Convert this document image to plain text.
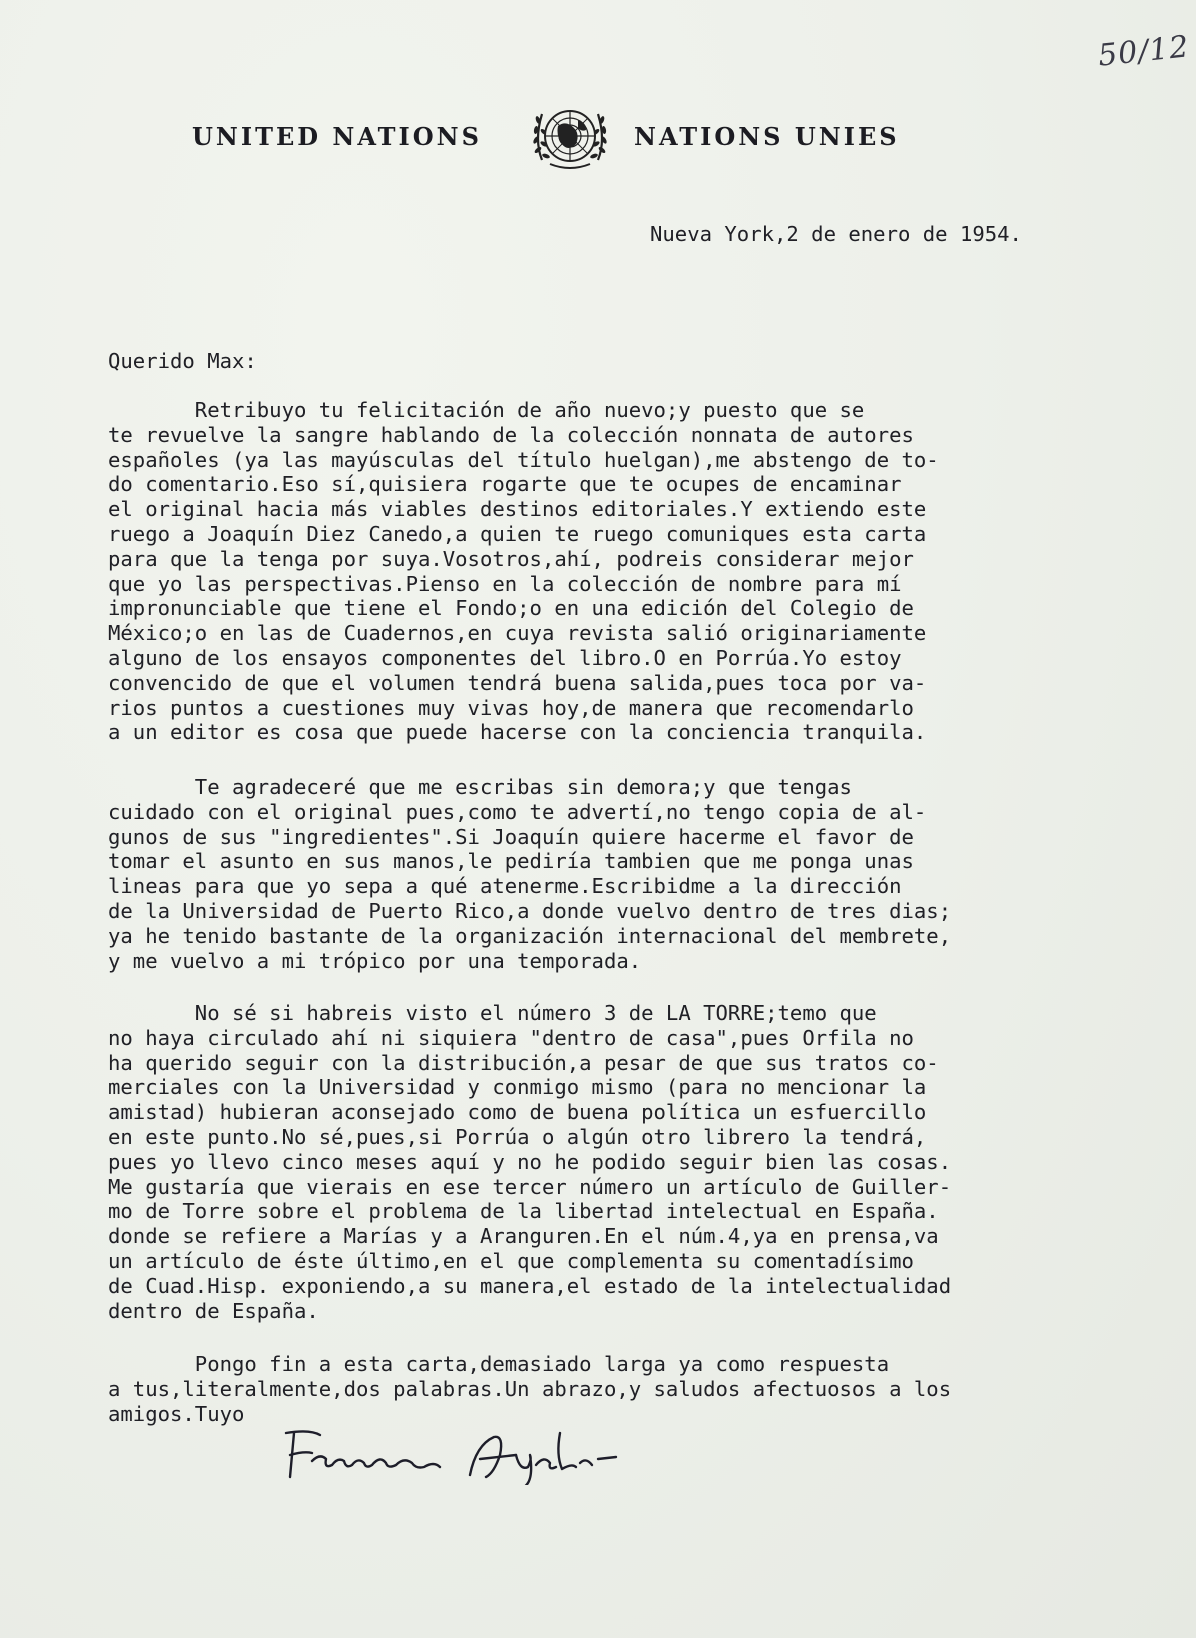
50/12
UNITED NATIONS	NATIONS UNIES
Nueva York,2 de enero de 1954.
Querido Max:
Retribuyo tu felicitación de año nuevo;y puesto que se
te revuelve la sangre hablando de la colección nonnata de autores
españoles (ya las mayúsculas del título huelgan),me abstengo de to-
do comentario.Eso sí,quisiera rogarte que te ocupes de encaminar
el original hacia más viables destinos editoriales.Y extiendo este
ruego a Joaquín Diez Canedo,a quien te ruego comuniques esta carta
para que la tenga por suya.Vosotros,ahí, podreis considerar mejor
que yo las perspectivas.Pienso en la colección de nombre para mí
impronunciable que tiene el Fondo;o en una edición del Colegio de
México;o en las de Cuadernos,en cuya revista salió originariamente
alguno de los ensayos componentes del libro.O en Porrúa.Yo estoy
convencido de que el volumen tendrá buena salida,pues toca por va-
rios puntos a cuestiones muy vivas hoy,de manera que recomendarlo
a un editor es cosa que puede hacerse con la conciencia tranquila.
Te agradeceré que me escribas sin demora;y que tengas
cuidado con el original pues,como te advertí,no tengo copia de al-
gunos de sus "ingredientes".Si Joaquín quiere hacerme el favor de
tomar el asunto en sus manos,le pediría tambien que me ponga unas
lineas para que yo sepa a qué atenerme.Escribidme a la dirección
de la Universidad de Puerto Rico,a donde vuelvo dentro de tres dias;
ya he tenido bastante de la organización internacional del membrete,
y me vuelvo a mi trópico por una temporada.
No sé si habreis visto el número 3 de LA TORRE;temo que
no haya circulado ahí ni siquiera "dentro de casa",pues Orfila no
ha querido seguir con la distribución,a pesar de que sus tratos co-
merciales con la Universidad y conmigo mismo (para no mencionar la
amistad) hubieran aconsejado como de buena política un esfuercillo
en este punto.No sé,pues,si Porrúa o algún otro librero la tendrá,
pues yo llevo cinco meses aquí y no he podido seguir bien las cosas.
Me gustaría que vierais en ese tercer número un artículo de Guiller-
mo de Torre sobre el problema de la libertad intelectual en España.
donde se refiere a Marías y a Aranguren.En el núm.4,ya en prensa,va
un artículo de éste último,en el que complementa su comentadísimo
de Cuad.Hisp. exponiendo,a su manera,el estado de la intelectualidad
dentro de España.
Pongo fin a esta carta,demasiado larga ya como respuesta
a tus,literalmente,dos palabras.Un abrazo,y saludos afectuosos a los
amigos.Tuyo
